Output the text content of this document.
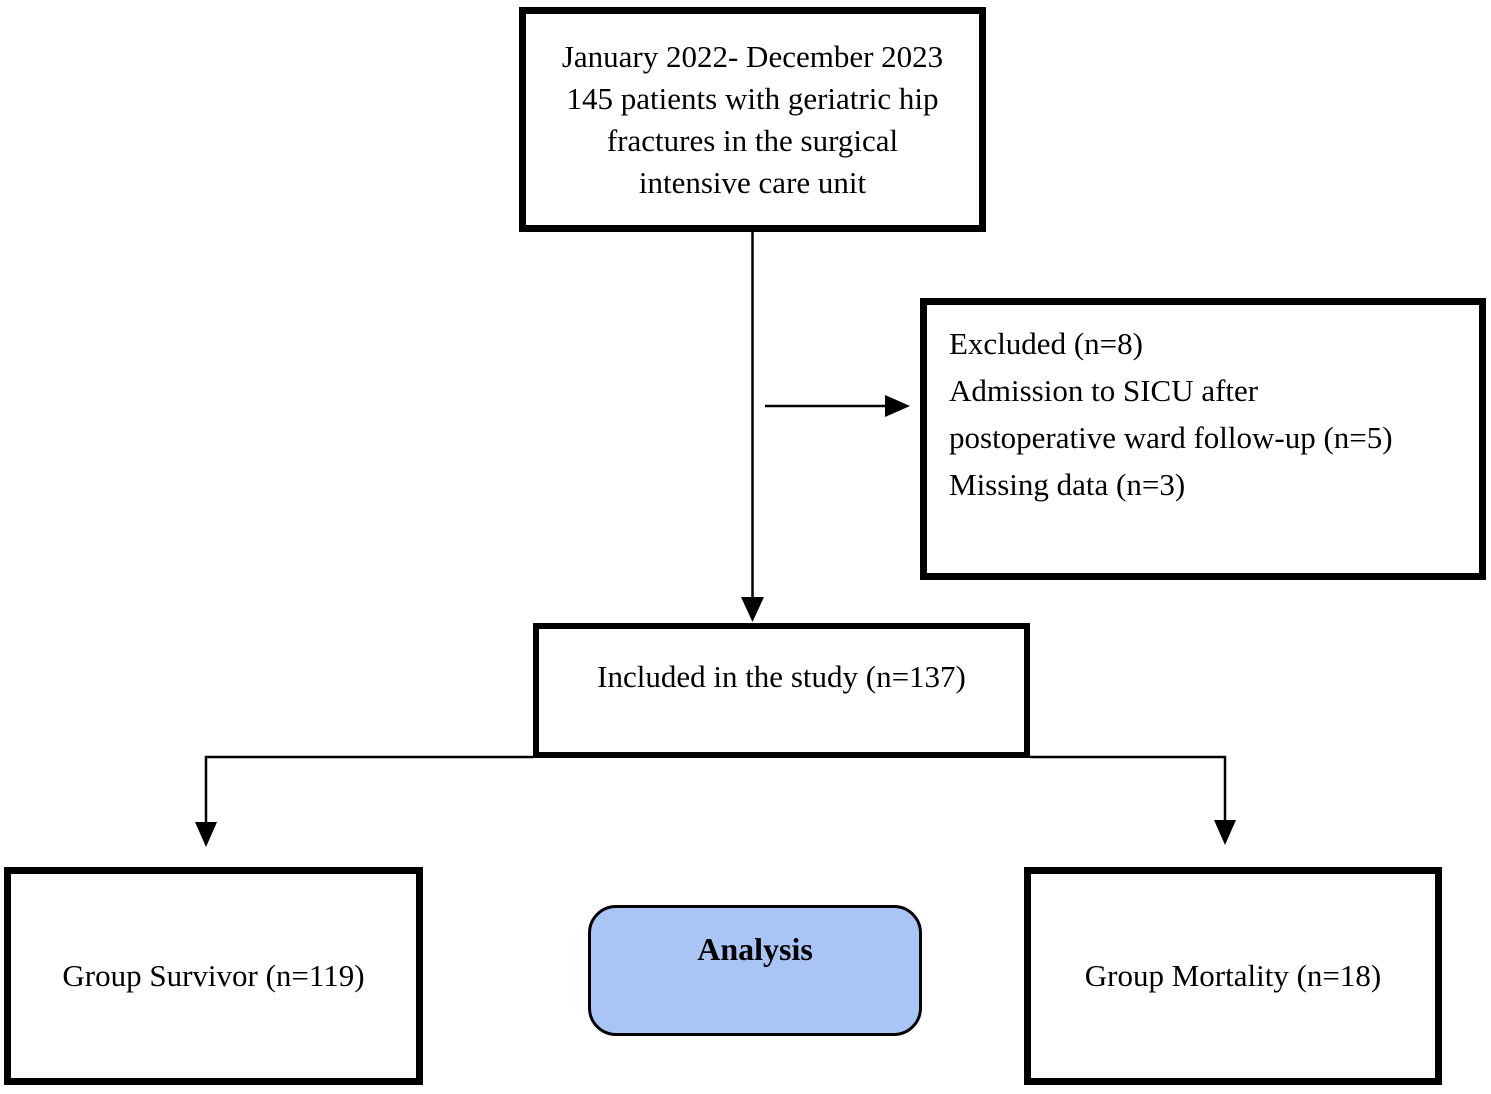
January 2022- December 2023
145 patients with geriatric hip
fractures in the surgical
intensive care unit
Excluded (n=8)
Admission to SICU after
postoperative ward follow-up (n=5)
Missing data (n=3)
Included in the study (n=137)
Group Survivor (n=119)	Group Mortality (n=18)
Analysis
